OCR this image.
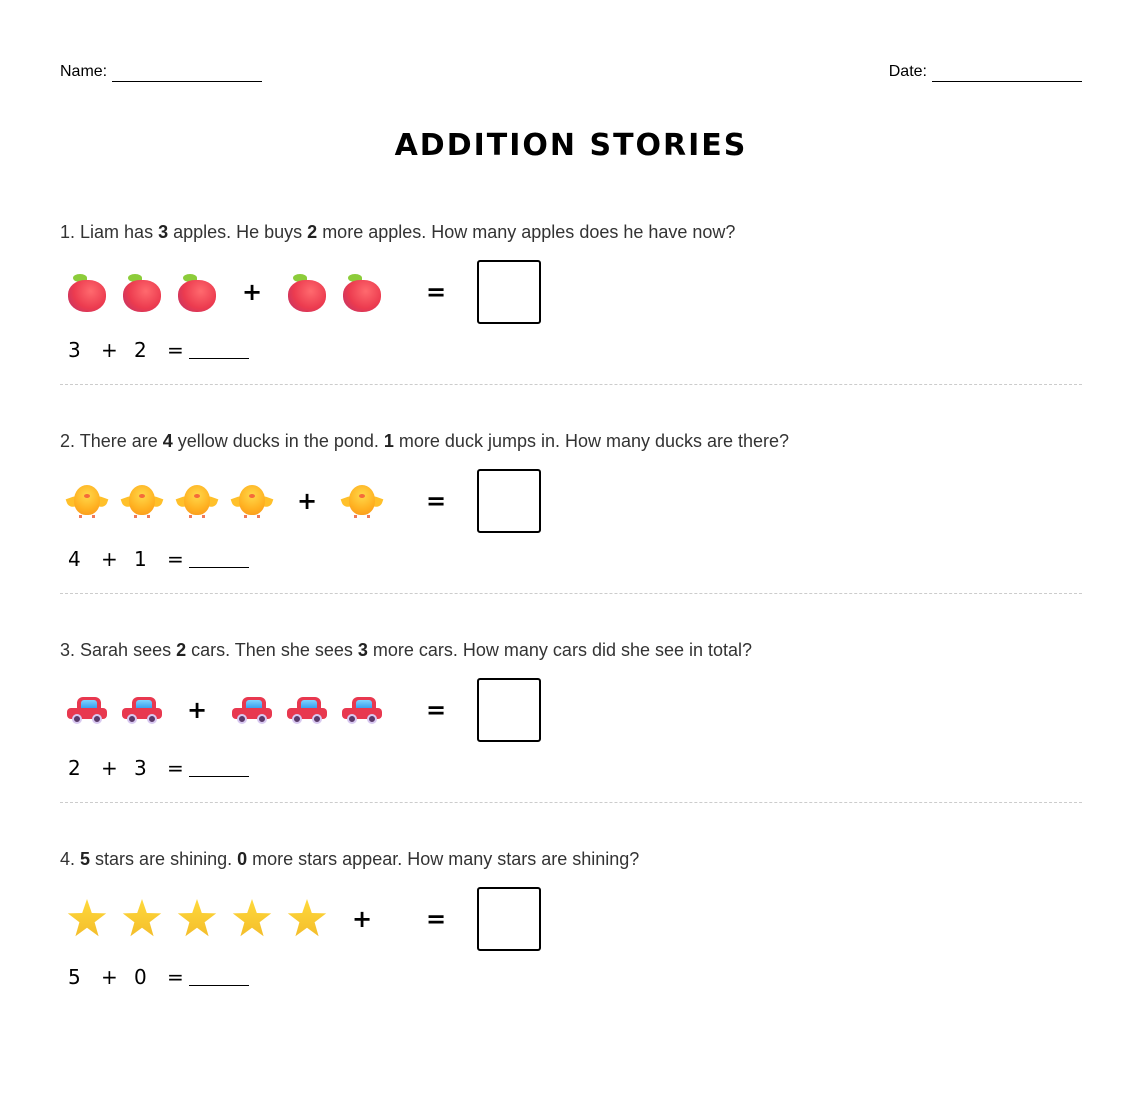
Name:	Date:
ADDITION STORIES
1. Liam has 3 apples. He buys 2 more apples. How many apples does he have now?
+	=
3 + 2 =
2. There are 4 yellow ducks in the pond. 1 more duck jumps in. How many ducks are there?
+	=
4 + 1 =
3. Sarah sees 2 cars. Then she sees 3 more cars. How many cars did she see in total?
+	=
2 + 3 =
4. 5 stars are shining. 0 more stars appear. How many stars are shining?
+	=
5 + 0 =
